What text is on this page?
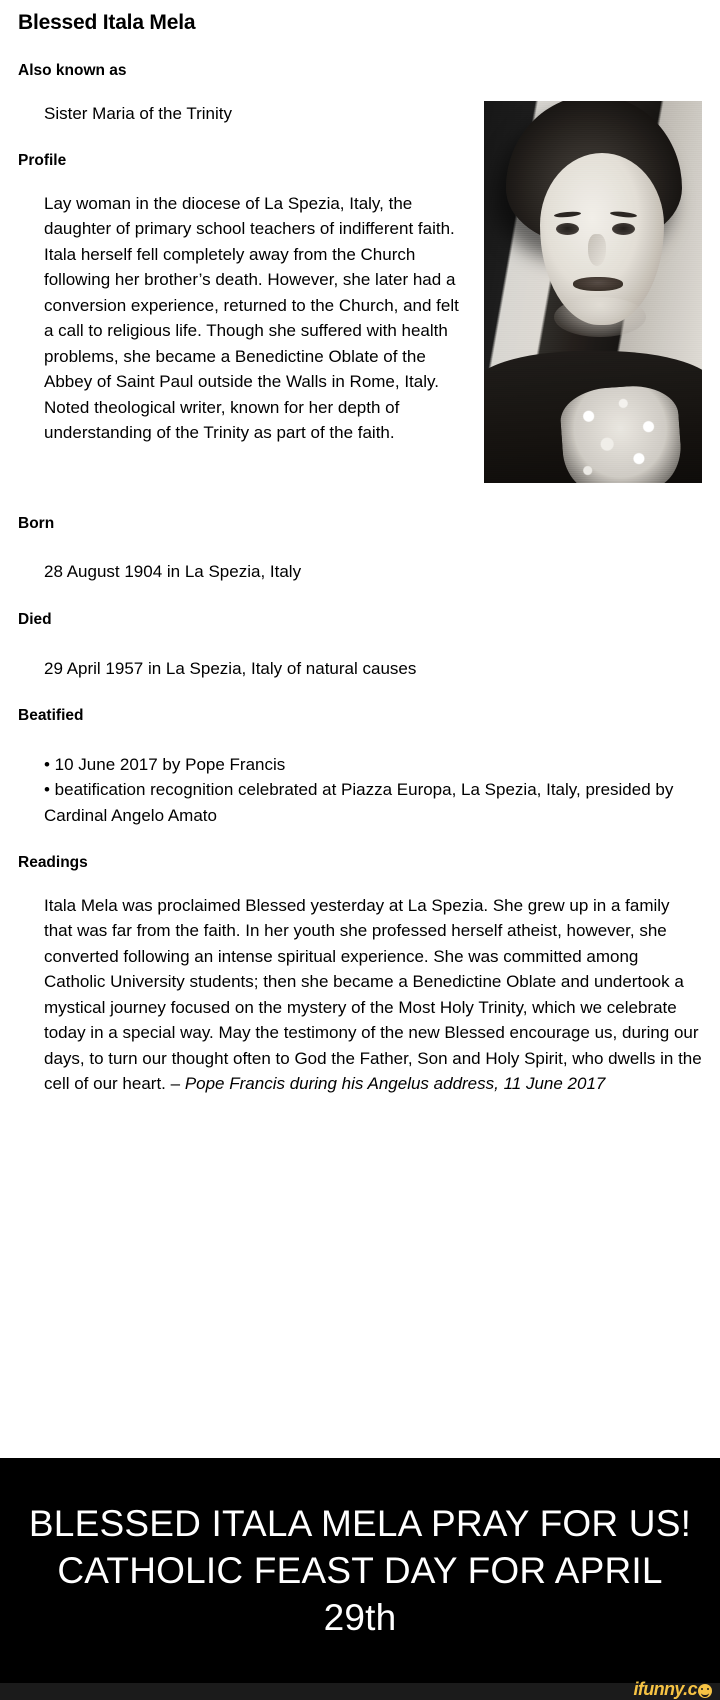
Blessed Itala Mela
Also known as

Sister Maria of the Trinity

Profile

Lay woman in the diocese of La Spezia, Italy, the daughter of primary school teachers of indifferent faith. Itala herself fell completely away from the Church following her brother’s death. However, she later had a conversion experience, returned to the Church, and felt a call to religious life. Though she suffered with health problems, she became a Benedictine Oblate of the Abbey of Saint Paul outside the Walls in Rome, Italy. Noted theological writer, known for her depth of understanding of the Trinity as part of the faith.

Born

28 August 1904 in La Spezia, Italy

Died

29 April 1957 in La Spezia, Italy of natural causes

Beatified
• 10 June 2017 by Pope Francis
• beatification recognition celebrated at Piazza Europa, La Spezia, Italy, presided by Cardinal Angelo Amato
Readings

Itala Mela was proclaimed Blessed yesterday at La Spezia. She grew up in a family that was far from the faith. In her youth she professed herself atheist, however, she converted following an intense spiritual experience. She was committed among Catholic University students; then she became a Benedictine Oblate and undertook a mystical journey focused on the mystery of the Most Holy Trinity, which we celebrate today in a special way. May the testimony of the new Blessed encourage us, during our days, to turn our thought often to God the Father, Son and Holy Spirit, who dwells in the cell of our heart. – Pope Francis during his Angelus address, 11 June 2017

BLESSED ITALA MELA PRAY FOR US! CATHOLIC FEAST DAY FOR APRIL 29th
ifunny.c
